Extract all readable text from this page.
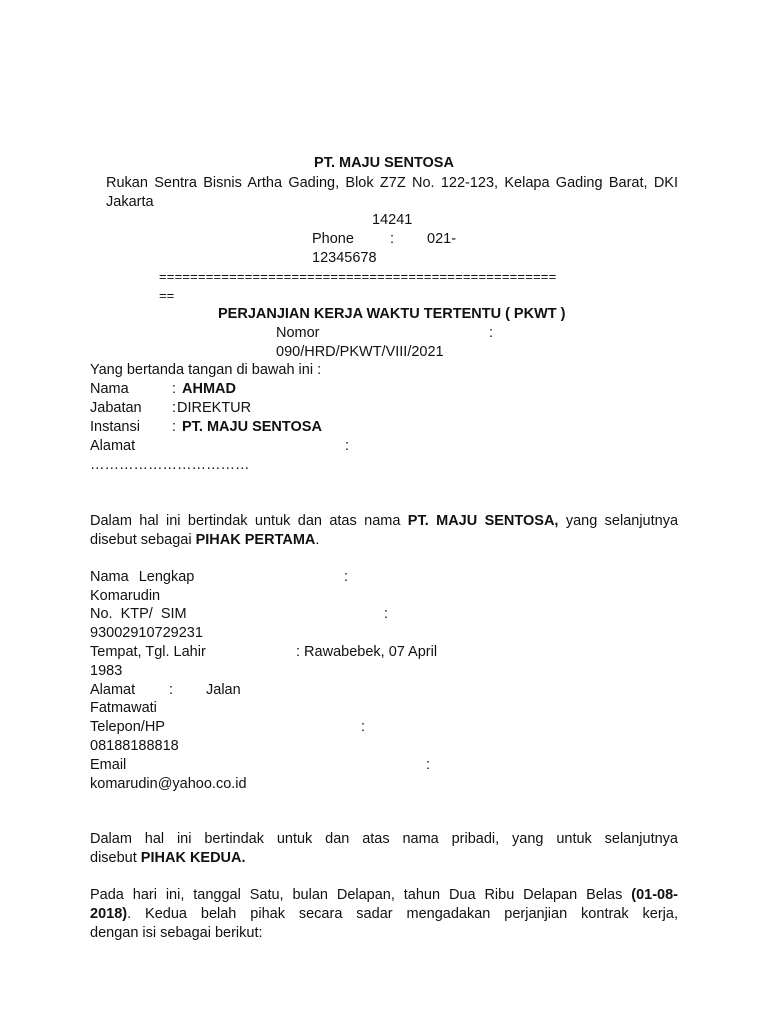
PT. MAJU SENTOSA
Rukan Sentra Bisnis Artha Gading, Blok Z7Z No. 122-123, Kelapa Gading Barat, DKI
Jakarta
14241
Phone : 021-
12345678
===================================================
==
PERJANJIAN KERJA WAKTU TERTENTU ( PKWT )
Nomor	:
090/HRD/PKWT/VIII/2021
Yang bertanda tangan di bawah ini :
Nama	: AHMAD
Jabatan : DIREKTUR
Instansi : PT. MAJU SENTOSA
Alamat	:
……………………………
Dalam hal ini bertindak untuk dan atas nama PT. MAJU SENTOSA, yang selanjutnya
disebut sebagai PIHAK PERTAMA.
Nama Lengkap	:
Komarudin
No. KTP/ SIM	:
93002910729231
Tempat, Tgl. Lahir	: Rawabebek, 07 April
1983
Alamat : Jalan
Fatmawati
Telepon/HP	:
08188188818
Email	:
komarudin@yahoo.co.id
Dalam hal ini bertindak untuk dan atas nama pribadi, yang untuk selanjutnya
disebut PIHAK KEDUA.
Pada hari ini, tanggal Satu, bulan Delapan, tahun Dua Ribu Delapan Belas (01-08-
2018). Kedua belah pihak secara sadar mengadakan perjanjian kontrak kerja,
dengan isi sebagai berikut:
